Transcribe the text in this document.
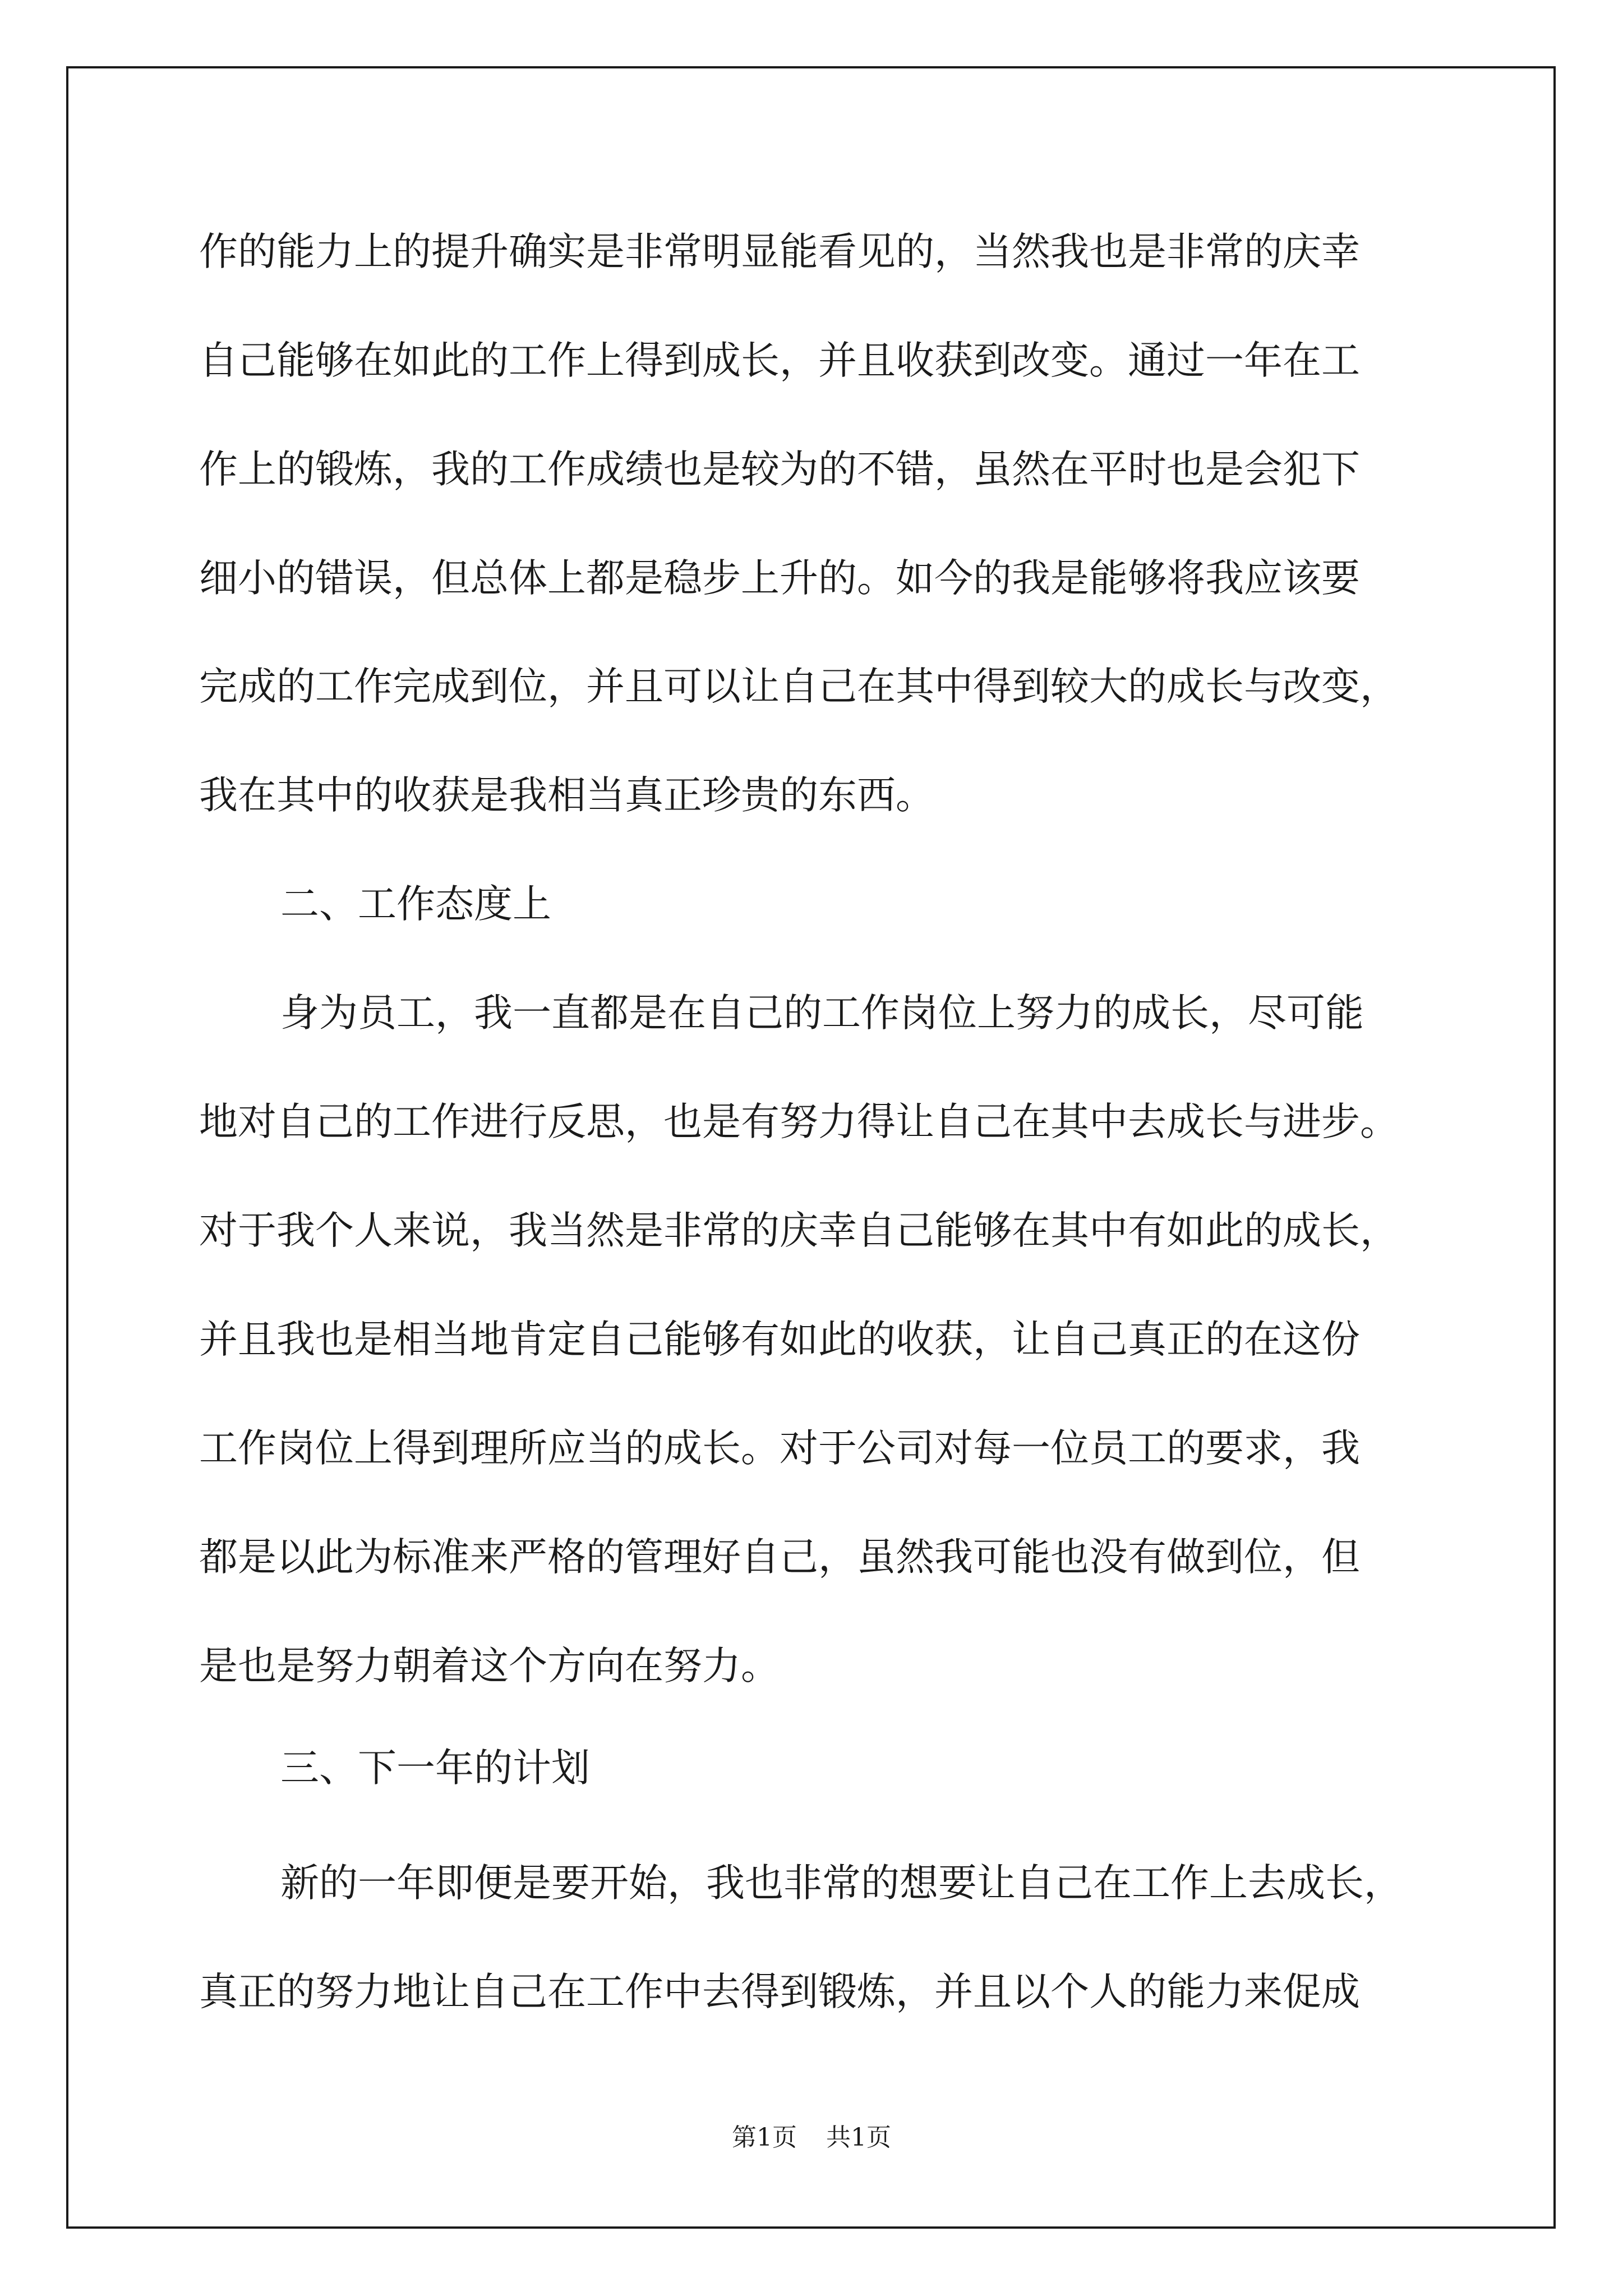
作的能力上的提升确实是非常明显能看见的，当然我也是非常的庆幸
自己能够在如此的工作上得到成长，并且收获到改变。通过一年在工
作上的锻炼，我的工作成绩也是较为的不错，虽然在平时也是会犯下
细小的错误，但总体上都是稳步上升的。如今的我是能够将我应该要
完成的工作完成到位，并且可以让自己在其中得到较大的成长与改变，
我在其中的收获是我相当真正珍贵的东西。
二、工作态度上
身为员工，我一直都是在自己的工作岗位上努力的成长，尽可能
地对自己的工作进行反思，也是有努力得让自己在其中去成长与进步。
对于我个人来说，我当然是非常的庆幸自己能够在其中有如此的成长，
并且我也是相当地肯定自己能够有如此的收获，让自己真正的在这份
工作岗位上得到理所应当的成长。对于公司对每一位员工的要求，我
都是以此为标准来严格的管理好自己，虽然我可能也没有做到位，但
是也是努力朝着这个方向在努力。
三、下一年的计划
新的一年即便是要开始，我也非常的想要让自己在工作上去成长，
真正的努力地让自己在工作中去得到锻炼，并且以个人的能力来促成
第1页 共1页
